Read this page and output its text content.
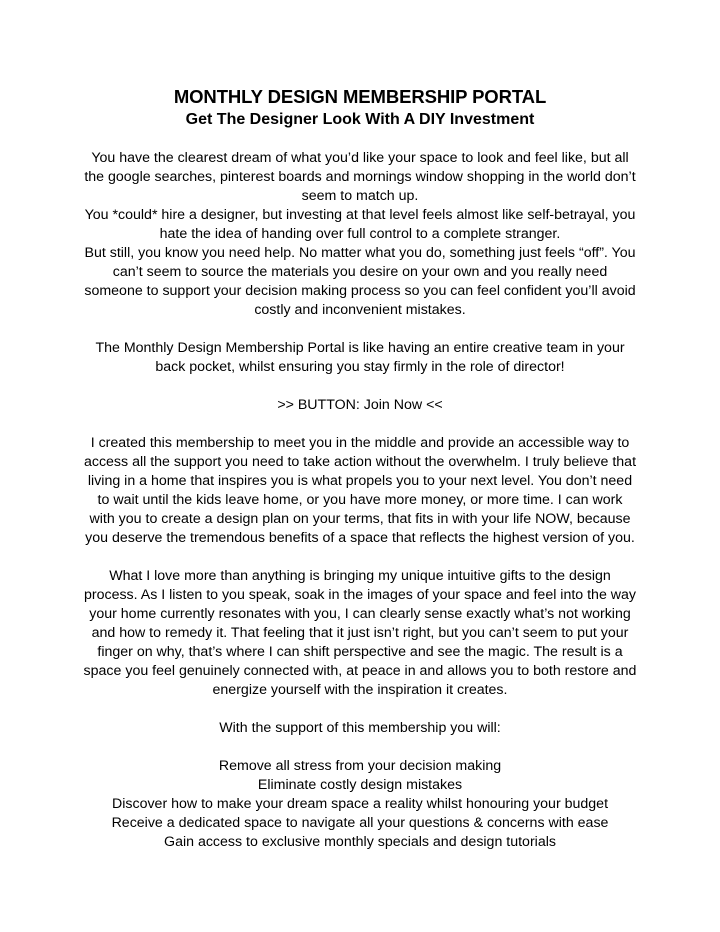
MONTHLY DESIGN MEMBERSHIP PORTAL
Get The Designer Look With A DIY Investment
You have the clearest dream of what you’d like your space to look and feel like, but all
the google searches, pinterest boards and mornings window shopping in the world don’t
seem to match up.
You *could* hire a designer, but investing at that level feels almost like self-betrayal, you
hate the idea of handing over full control to a complete stranger.
But still, you know you need help. No matter what you do, something just feels “off”. You
can’t seem to source the materials you desire on your own and you really need
someone to support your decision making process so you can feel confident you’ll avoid
costly and inconvenient mistakes.
The Monthly Design Membership Portal is like having an entire creative team in your
back pocket, whilst ensuring you stay firmly in the role of director!
>> BUTTON: Join Now <<
I created this membership to meet you in the middle and provide an accessible way to
access all the support you need to take action without the overwhelm. I truly believe that
living in a home that inspires you is what propels you to your next level. You don’t need
to wait until the kids leave home, or you have more money, or more time. I can work
with you to create a design plan on your terms, that fits in with your life NOW, because
you deserve the tremendous benefits of a space that reflects the highest version of you.
What I love more than anything is bringing my unique intuitive gifts to the design
process. As I listen to you speak, soak in the images of your space and feel into the way
your home currently resonates with you, I can clearly sense exactly what’s not working
and how to remedy it. That feeling that it just isn’t right, but you can’t seem to put your
finger on why, that’s where I can shift perspective and see the magic. The result is a
space you feel genuinely connected with, at peace in and allows you to both restore and
energize yourself with the inspiration it creates.
With the support of this membership you will:
Remove all stress from your decision making
Eliminate costly design mistakes
Discover how to make your dream space a reality whilst honouring your budget
Receive a dedicated space to navigate all your questions & concerns with ease
Gain access to exclusive monthly specials and design tutorials
